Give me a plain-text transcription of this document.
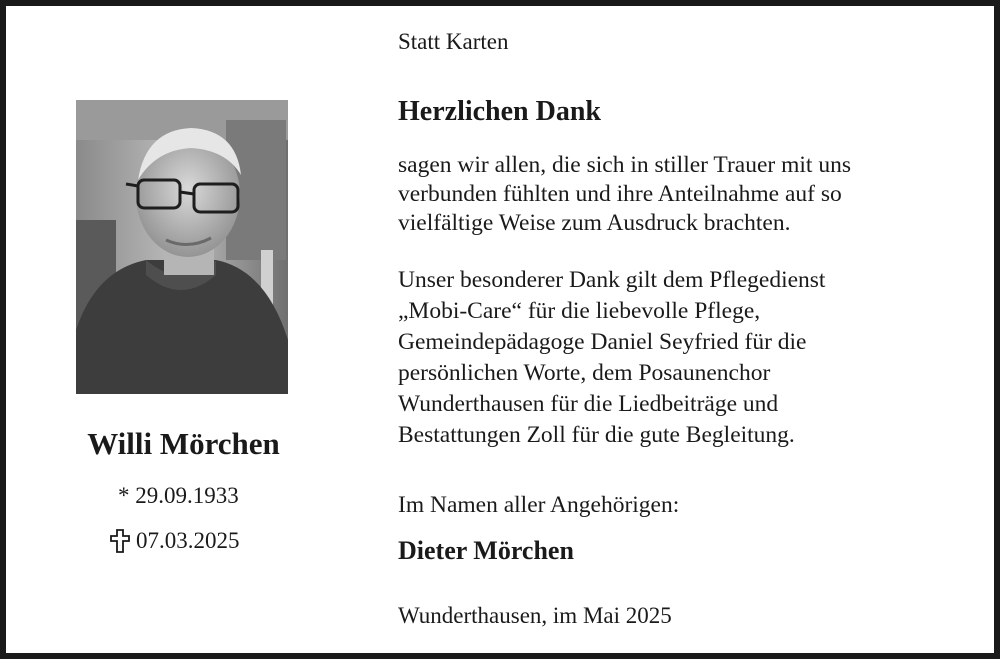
Willi Mörchen
* 29.09.1933
07.03.2025
Statt Karten
Herzlichen Dank
sagen wir allen, die sich in stiller Trauer mit uns
verbunden fühlten und ihre Anteilnahme auf so
vielfältige Weise zum Ausdruck brachten.
Unser besonderer Dank gilt dem Pflegedienst
„Mobi-Care“ für die liebevolle Pflege,
Gemeindepädagoge Daniel Seyfried für die
persönlichen Worte, dem Posaunenchor
Wunderthausen für die Liedbeiträge und
Bestattungen Zoll für die gute Begleitung.
Im Namen aller Angehörigen:
Dieter Mörchen
Wunderthausen, im Mai 2025
